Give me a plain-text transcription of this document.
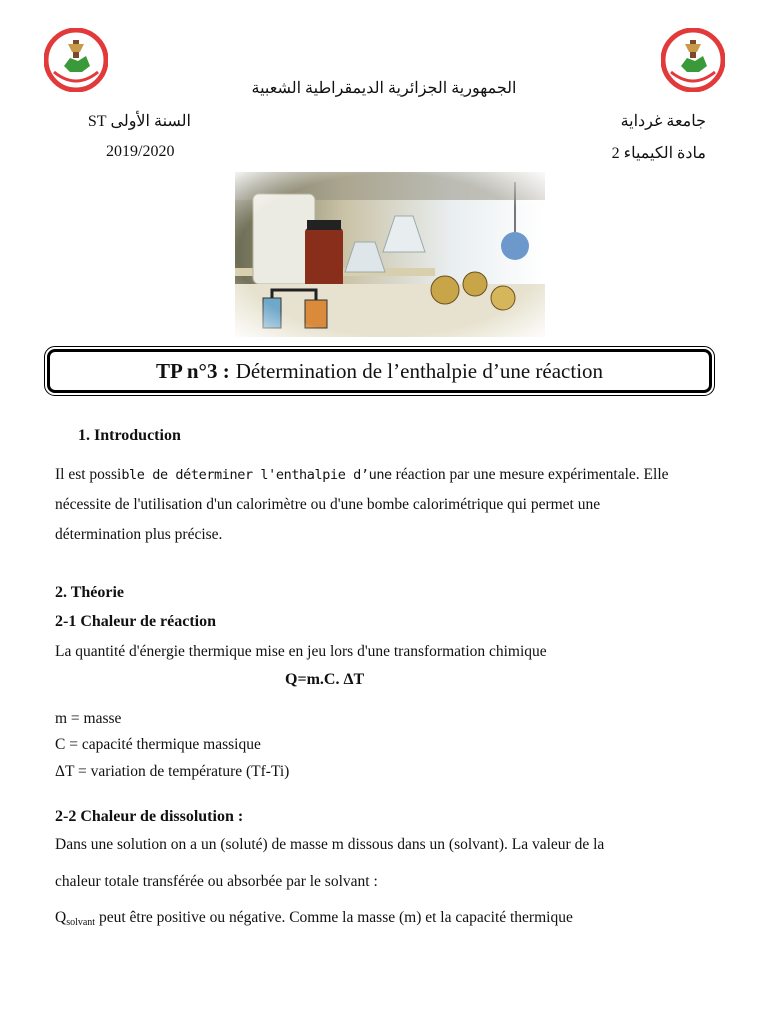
الجمهورية الجزائرية الديمقراطية الشعبية
جامعة غرداية
السنة الأولى ST
مادة الكيمياء 2
2019/2020
TP n°3 : Détermination de l’enthalpie d’une réaction
1. Introduction
Il est possible de déterminer l'enthalpie d’une réaction par une mesure expérimentale. Elle
nécessite de l'utilisation d'un calorimètre ou d'une bombe calorimétrique qui permet une
détermination plus précise.
2. Théorie
2-1 Chaleur de réaction
La quantité d'énergie thermique mise en jeu lors d'une transformation chimique
Q=m.C. ΔT
m = masse
C = capacité thermique massique
ΔT = variation de température (Tf-Ti)
2-2 Chaleur de dissolution :
Dans une solution on a un (soluté) de masse m dissous dans un (solvant). La valeur de la
chaleur totale transférée ou absorbée par le solvant :
$Q_{solvant}$ peut être positive ou négative. Comme la masse (m) et la capacité thermique
